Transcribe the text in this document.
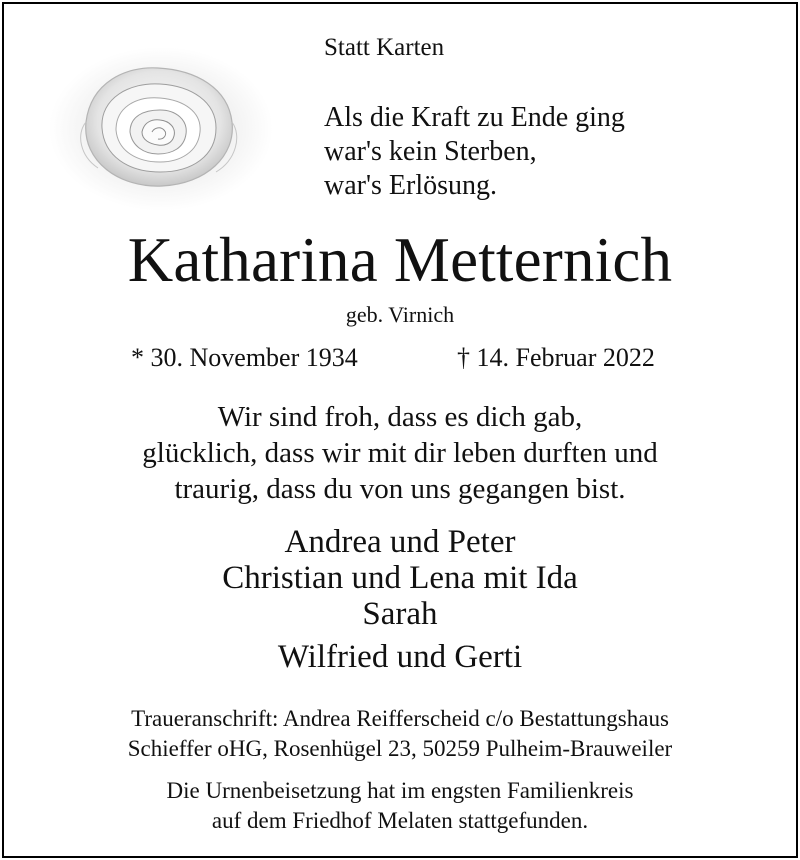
Statt Karten
Als die Kraft zu Ende ging
war's kein Sterben,
war's Erlösung.
Katharina Metternich
geb. Virnich
* 30. November 1934	† 14. Februar 2022
Wir sind froh, dass es dich gab,
glücklich, dass wir mit dir leben durften und
traurig, dass du von uns gegangen bist.
Andrea und Peter
Christian und Lena mit Ida
Sarah
Wilfried und Gerti
Traueranschrift: Andrea Reifferscheid c/o Bestattungshaus
Schieffer oHG, Rosenhügel 23, 50259 Pulheim-Brauweiler
Die Urnenbeisetzung hat im engsten Familienkreis
auf dem Friedhof Melaten stattgefunden.
